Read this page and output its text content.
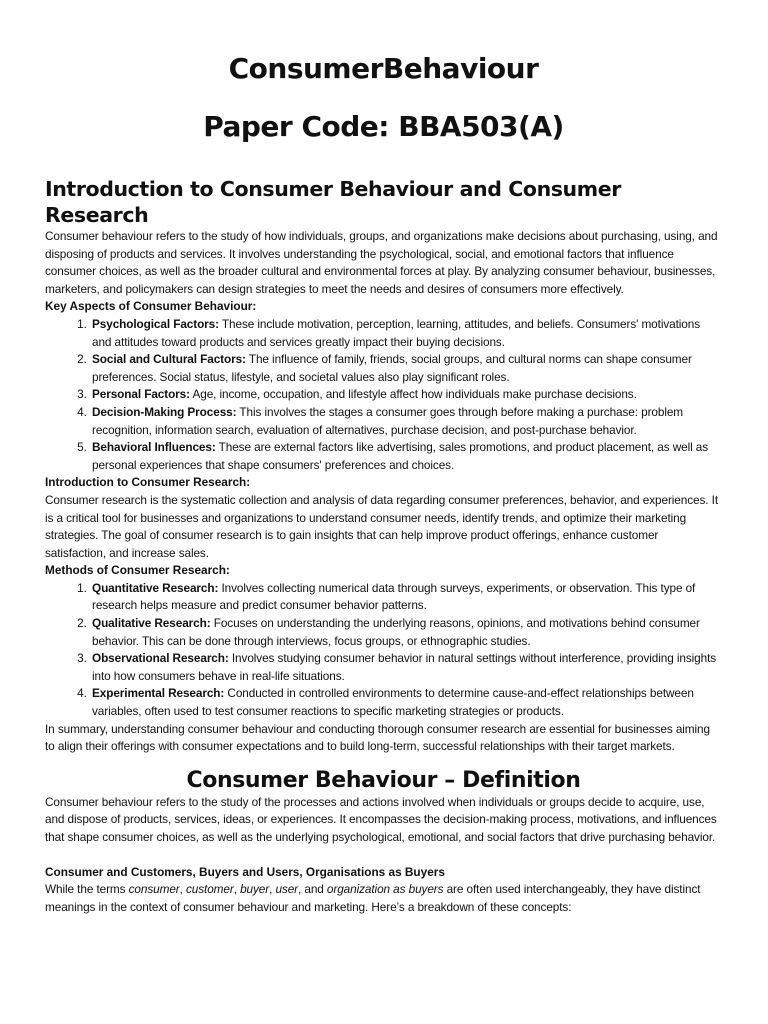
ConsumerBehaviour
Paper Code: BBA503(A)
Introduction to Consumer Behaviour and Consumer Research

Consumer behaviour refers to the study of how individuals, groups, and organizations make decisions about purchasing, using, and disposing of products and services. It involves understanding the psychological, social, and emotional factors that influence consumer choices, as well as the broader cultural and environmental forces at play. By analyzing consumer behaviour, businesses, marketers, and policymakers can design strategies to meet the needs and desires of consumers more effectively.

Key Aspects of Consumer Behaviour:
1. Psychological Factors: These include motivation, perception, learning, attitudes, and beliefs. Consumers' motivations and attitudes toward products and services greatly impact their buying decisions.
2. Social and Cultural Factors: The influence of family, friends, social groups, and cultural norms can shape consumer preferences. Social status, lifestyle, and societal values also play significant roles.
3. Personal Factors: Age, income, occupation, and lifestyle affect how individuals make purchase decisions.
4. Decision-Making Process: This involves the stages a consumer goes through before making a purchase: problem recognition, information search, evaluation of alternatives, purchase decision, and post-purchase behavior.
5. Behavioral Influences: These are external factors like advertising, sales promotions, and product placement, as well as personal experiences that shape consumers' preferences and choices.
Introduction to Consumer Research:

Consumer research is the systematic collection and analysis of data regarding consumer preferences, behavior, and experiences. It is a critical tool for businesses and organizations to understand consumer needs, identify trends, and optimize their marketing strategies. The goal of consumer research is to gain insights that can help improve product offerings, enhance customer satisfaction, and increase sales.

Methods of Consumer Research:
1. Quantitative Research: Involves collecting numerical data through surveys, experiments, or observation. This type of research helps measure and predict consumer behavior patterns.
2. Qualitative Research: Focuses on understanding the underlying reasons, opinions, and motivations behind consumer behavior. This can be done through interviews, focus groups, or ethnographic studies.
3. Observational Research: Involves studying consumer behavior in natural settings without interference, providing insights into how consumers behave in real-life situations.
4. Experimental Research: Conducted in controlled environments to determine cause-and-effect relationships between variables, often used to test consumer reactions to specific marketing strategies or products.

In summary, understanding consumer behaviour and conducting thorough consumer research are essential for businesses aiming to align their offerings with consumer expectations and to build long-term, successful relationships with their target markets.

Consumer Behaviour – Definition

Consumer behaviour refers to the study of the processes and actions involved when individuals or groups decide to acquire, use, and dispose of products, services, ideas, or experiences. It encompasses the decision-making process, motivations, and influences that shape consumer choices, as well as the underlying psychological, emotional, and social factors that drive purchasing behavior.

Consumer and Customers, Buyers and Users, Organisations as Buyers

While the terms consumer, customer, buyer, user, and organization as buyers are often used interchangeably, they have distinct meanings in the context of consumer behaviour and marketing. Here’s a breakdown of these concepts:
